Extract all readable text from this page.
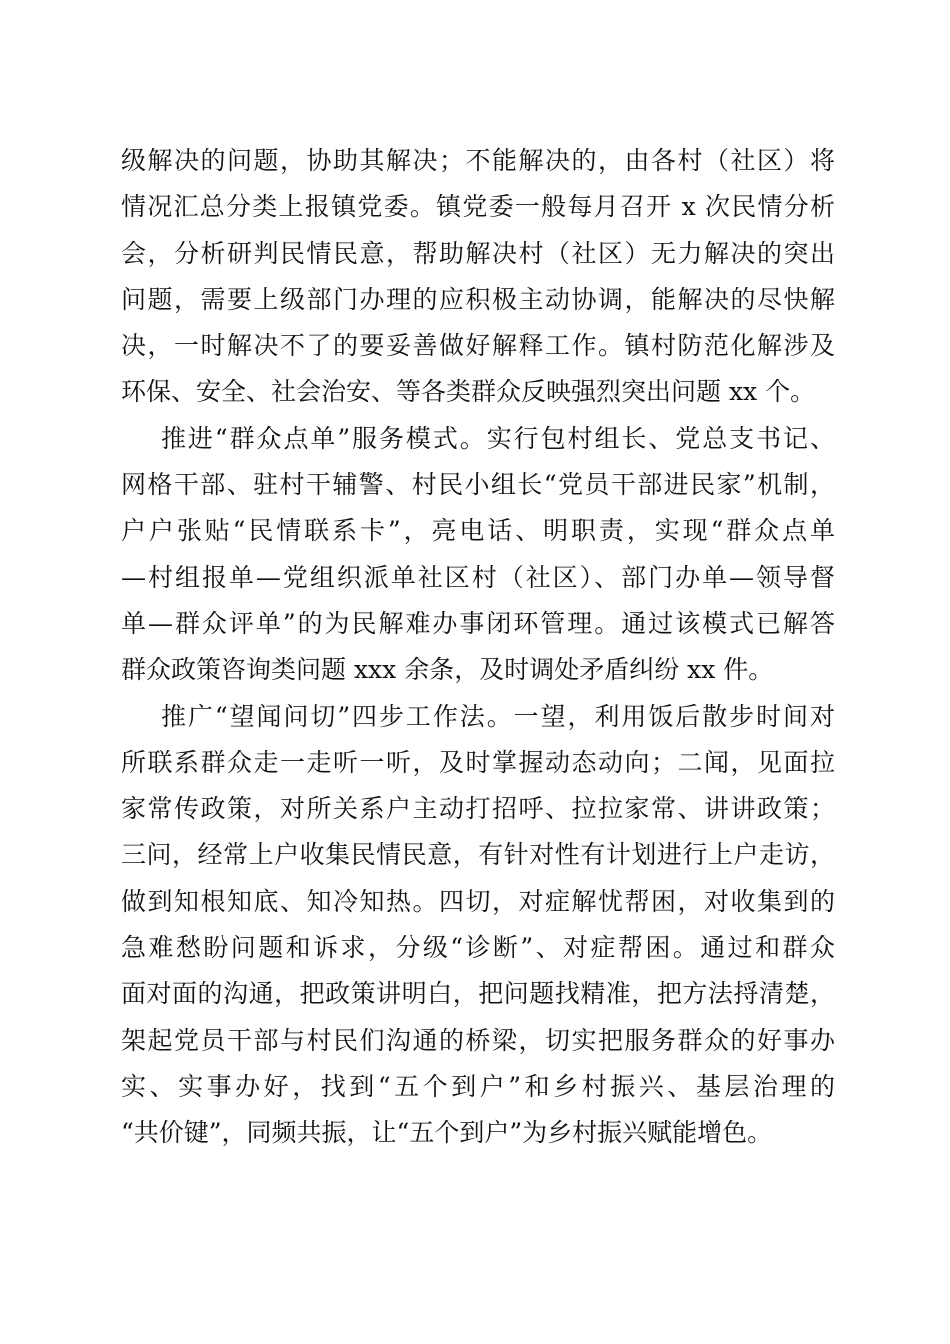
级解决的问题，协助其解决；不能解决的，由各村（社区）将
情况汇总分类上报镇党委。镇党委一般每月召开 x 次民情分析
会，分析研判民情民意，帮助解决村（社区）无力解决的突出
问题，需要上级部门办理的应积极主动协调，能解决的尽快解
决，一时解决不了的要妥善做好解释工作。镇村防范化解涉及
环保、安全、社会治安、等各类群众反映强烈突出问题 xx 个。
推进“群众点单”服务模式。实行包村组长、党总支书记、
网格干部、驻村干辅警、村民小组长“党员干部进民家”机制，
户户张贴“民情联系卡”，亮电话、明职责，实现“群众点单
—村组报单—党组织派单社区村（社区）、部门办单—领导督
单—群众评单”的为民解难办事闭环管理。通过该模式已解答
群众政策咨询类问题 xxx 余条，及时调处矛盾纠纷 xx 件。
推广“望闻问切”四步工作法。一望，利用饭后散步时间对
所联系群众走一走听一听，及时掌握动态动向；二闻，见面拉
家常传政策，对所关系户主动打招呼、拉拉家常、讲讲政策；
三问，经常上户收集民情民意，有针对性有计划进行上户走访，
做到知根知底、知冷知热。四切，对症解忧帮困，对收集到的
急难愁盼问题和诉求，分级“诊断”、对症帮困。通过和群众
面对面的沟通，把政策讲明白，把问题找精准，把方法捋清楚，
架起党员干部与村民们沟通的桥梁，切实把服务群众的好事办
实、实事办好，找到“五个到户”和乡村振兴、基层治理的
“共价键”，同频共振，让“五个到户”为乡村振兴赋能增色。
